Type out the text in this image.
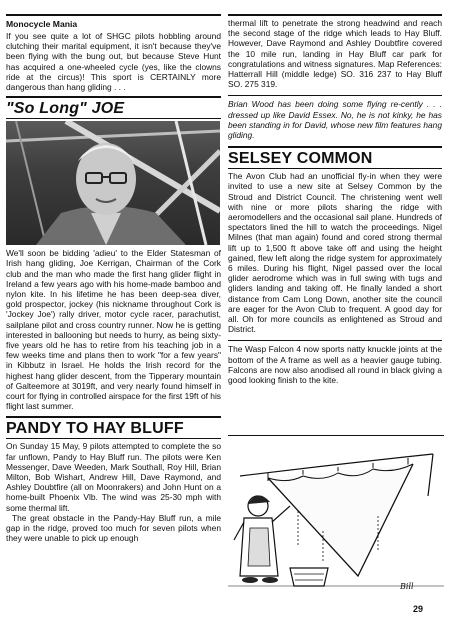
Monocycle Mania
If you see quite a lot of SHGC pilots hobbling around clutching their marital equipment, it isn't because they've been flying with the bung out, but because Steve Hunt has acquired a one-wheeled cycle (yes, like the clowns ride at the circus)! This sport is CERTAINLY more dangerous than hang gliding . . .
"So Long" JOE
We'll soon be bidding 'adieu' to the Elder Statesman of Irish hang gliding, Joe Kerrigan, Chairman of the Cork club and the man who made the first hang glider flight in Ireland a few years ago with his home-made bamboo and nylon kite. In his lifetime he has been deep-sea diver, gold prospector, jockey (his nickname throughout Cork is 'Jockey Joe') rally driver, motor cycle racer, parachutist, sailplane pilot and cross country runner. Now he is getting interested in ballooning but needs to hurry, as being sixty-five years old he has to retire from his teaching job in a few weeks time and plans then to work "for a few years" in Kibbutz in Israel. He holds the Irish record for the highest hang glider descent, from the Tipperary mountain of Galteemore at 3019ft, and very nearly found himself in court for flying in controlled airspace for the first 19ft of his flight last summer.
PANDY TO HAY BLUFF
On Sunday 15 May, 9 pilots attempted to complete the so far unflown, Pandy to Hay Bluff run. The pilots were Ken Messenger, Dave Weeden, Mark Southall, Roy Hill, Brian Milton, Bob Wishart, Andrew Hill, Dave Raymond, and Ashley Doubtfire (all on Moonrakers) and John Hunt on a home-built Phoenix Vlb. The wind was 25-30 mph with some thermal lift.
The great obstacle in the Pandy-Hay Bluff run, a mile gap in the ridge, proved too much for seven pilots when they were unable to pick up enough
thermal lift to penetrate the strong headwind and reach the second stage of the ridge which leads to Hay Bluff. However, Dave Raymond and Ashley Doubtfire covered the 10 mile run, landing in Hay Bluff car park for congratulations and witness signatures. Map References: Hatterrall Hill (middle ledge) SO. 316 237 to Hay Bluff SO. 275 319.
Brian Wood has been doing some flying re-cently . . . dressed up like David Essex. No, he is not kinky, he has been standing in for David, whose new film features hang gliding.
SELSEY COMMON
The Avon Club had an unofficial fly-in when they were invited to use a new site at Selsey Common by the Stroud and District Council. The christening went well with nine or more pilots sharing the ridge with aeromodellers and the occasional sail plane. Hundreds of spectators lined the hill to watch the proceedings. Nigel Milnes (that man again) found and cored strong thermal lift up to 1,500 ft above take off and using the height gained, flew left along the ridge system for approximately 6 miles. During his flight, Nigel passed over the local glider aerodrome which was in full swing with tugs and gliders landing and taking off. He finally landed a short distance from Cam Long Down, another site the council are eager for the Avon Club to frequent. A good day for all. Oh for more councils as enlightened as Stroud and District.
The Wasp Falcon 4 now sports natty knuckle joints at the bottom of the A frame as well as a heavier gauge tubing. Falcons are now also anodised all round in black giving a good looking finish to the kite.
Bill
29
